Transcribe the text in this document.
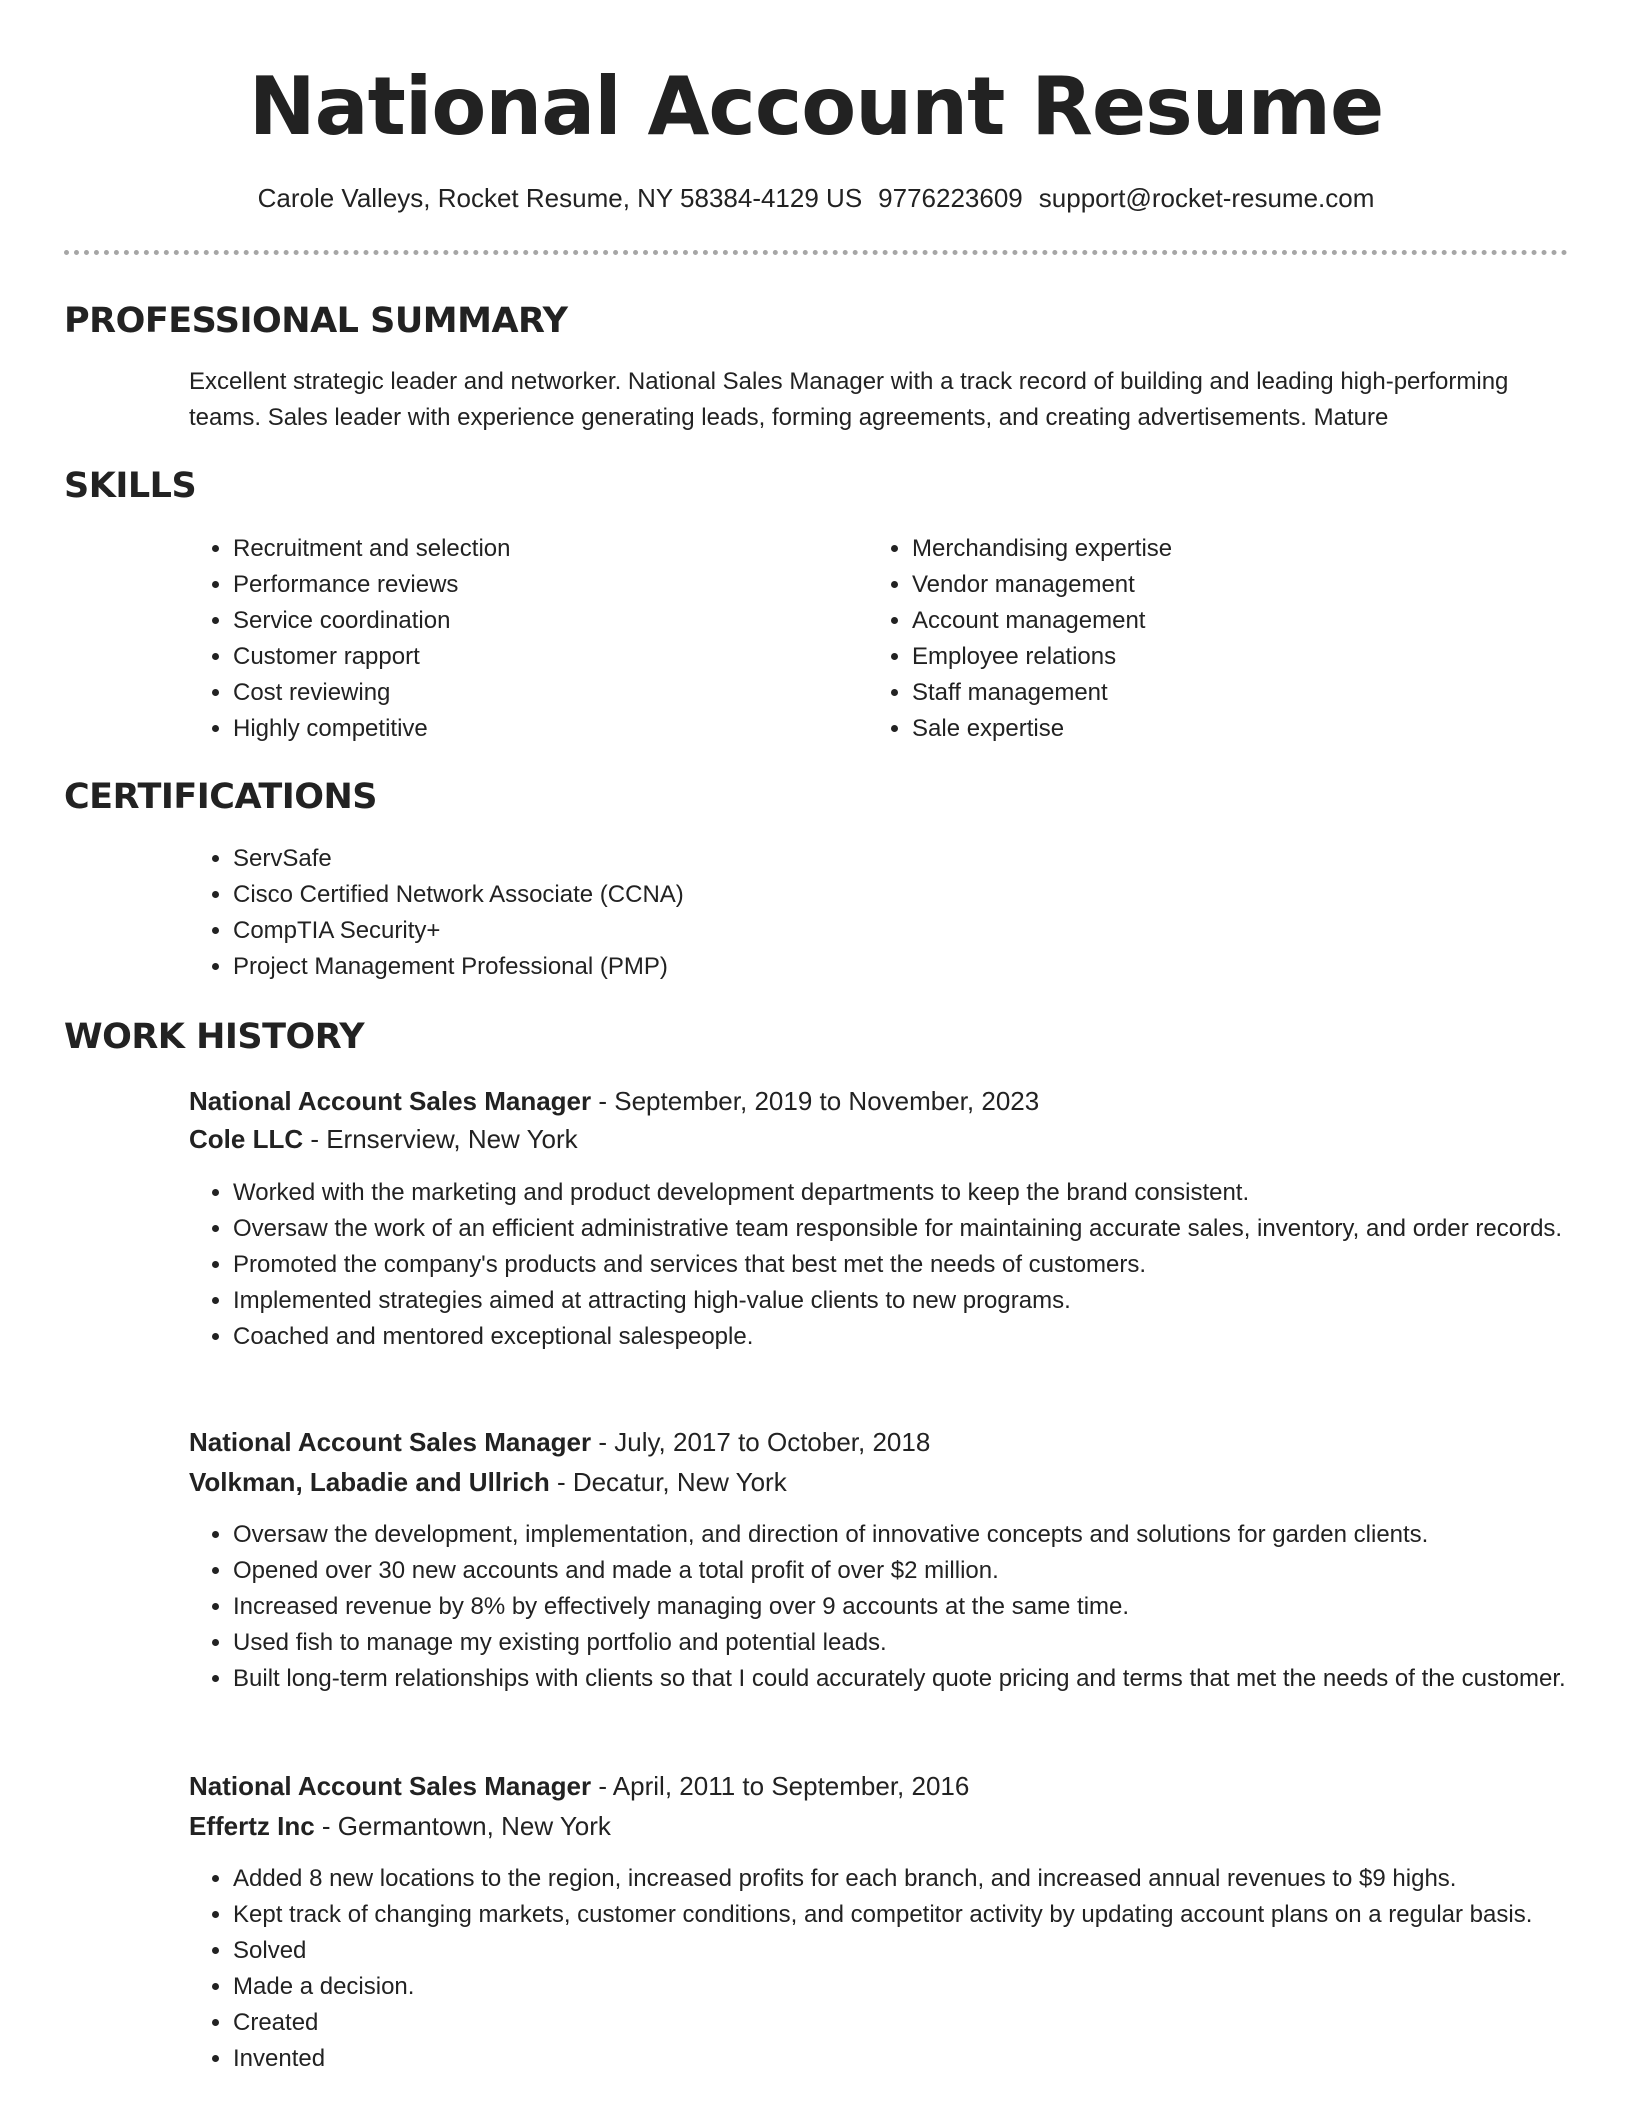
National Account Resume
Carole Valleys, Rocket Resume, NY 58384-4129 US 9776223609 support@rocket-resume.com
PROFESSIONAL SUMMARY

Excellent strategic leader and networker. National Sales Manager with a track record of building and leading high-performing teams. Sales leader with experience generating leads, forming agreements, and creating advertisements. Mature

SKILLS
• Recruitment and selection
• Performance reviews
• Service coordination
• Customer rapport
• Cost reviewing
• Highly competitive
• Merchandising expertise
• Vendor management
• Account management
• Employee relations
• Staff management
• Sale expertise
CERTIFICATIONS
• ServSafe
• Cisco Certified Network Associate (CCNA)
• CompTIA Security+
• Project Management Professional (PMP)
WORK HISTORY
National Account Sales Manager - September, 2019 to November, 2023
Cole LLC - Ernserview, New York
• Worked with the marketing and product development departments to keep the brand consistent.
• Oversaw the work of an efficient administrative team responsible for maintaining accurate sales, inventory, and order records.
• Promoted the company's products and services that best met the needs of customers.
• Implemented strategies aimed at attracting high-value clients to new programs.
• Coached and mentored exceptional salespeople.
National Account Sales Manager - July, 2017 to October, 2018
Volkman, Labadie and Ullrich - Decatur, New York
• Oversaw the development, implementation, and direction of innovative concepts and solutions for garden clients.
• Opened over 30 new accounts and made a total profit of over $2 million.
• Increased revenue by 8% by effectively managing over 9 accounts at the same time.
• Used fish to manage my existing portfolio and potential leads.
• Built long-term relationships with clients so that I could accurately quote pricing and terms that met the needs of the customer.
National Account Sales Manager - April, 2011 to September, 2016
Effertz Inc - Germantown, New York
• Added 8 new locations to the region, increased profits for each branch, and increased annual revenues to $9 highs.
• Kept track of changing markets, customer conditions, and competitor activity by updating account plans on a regular basis.
• Solved
• Made a decision.
• Created
• Invented
